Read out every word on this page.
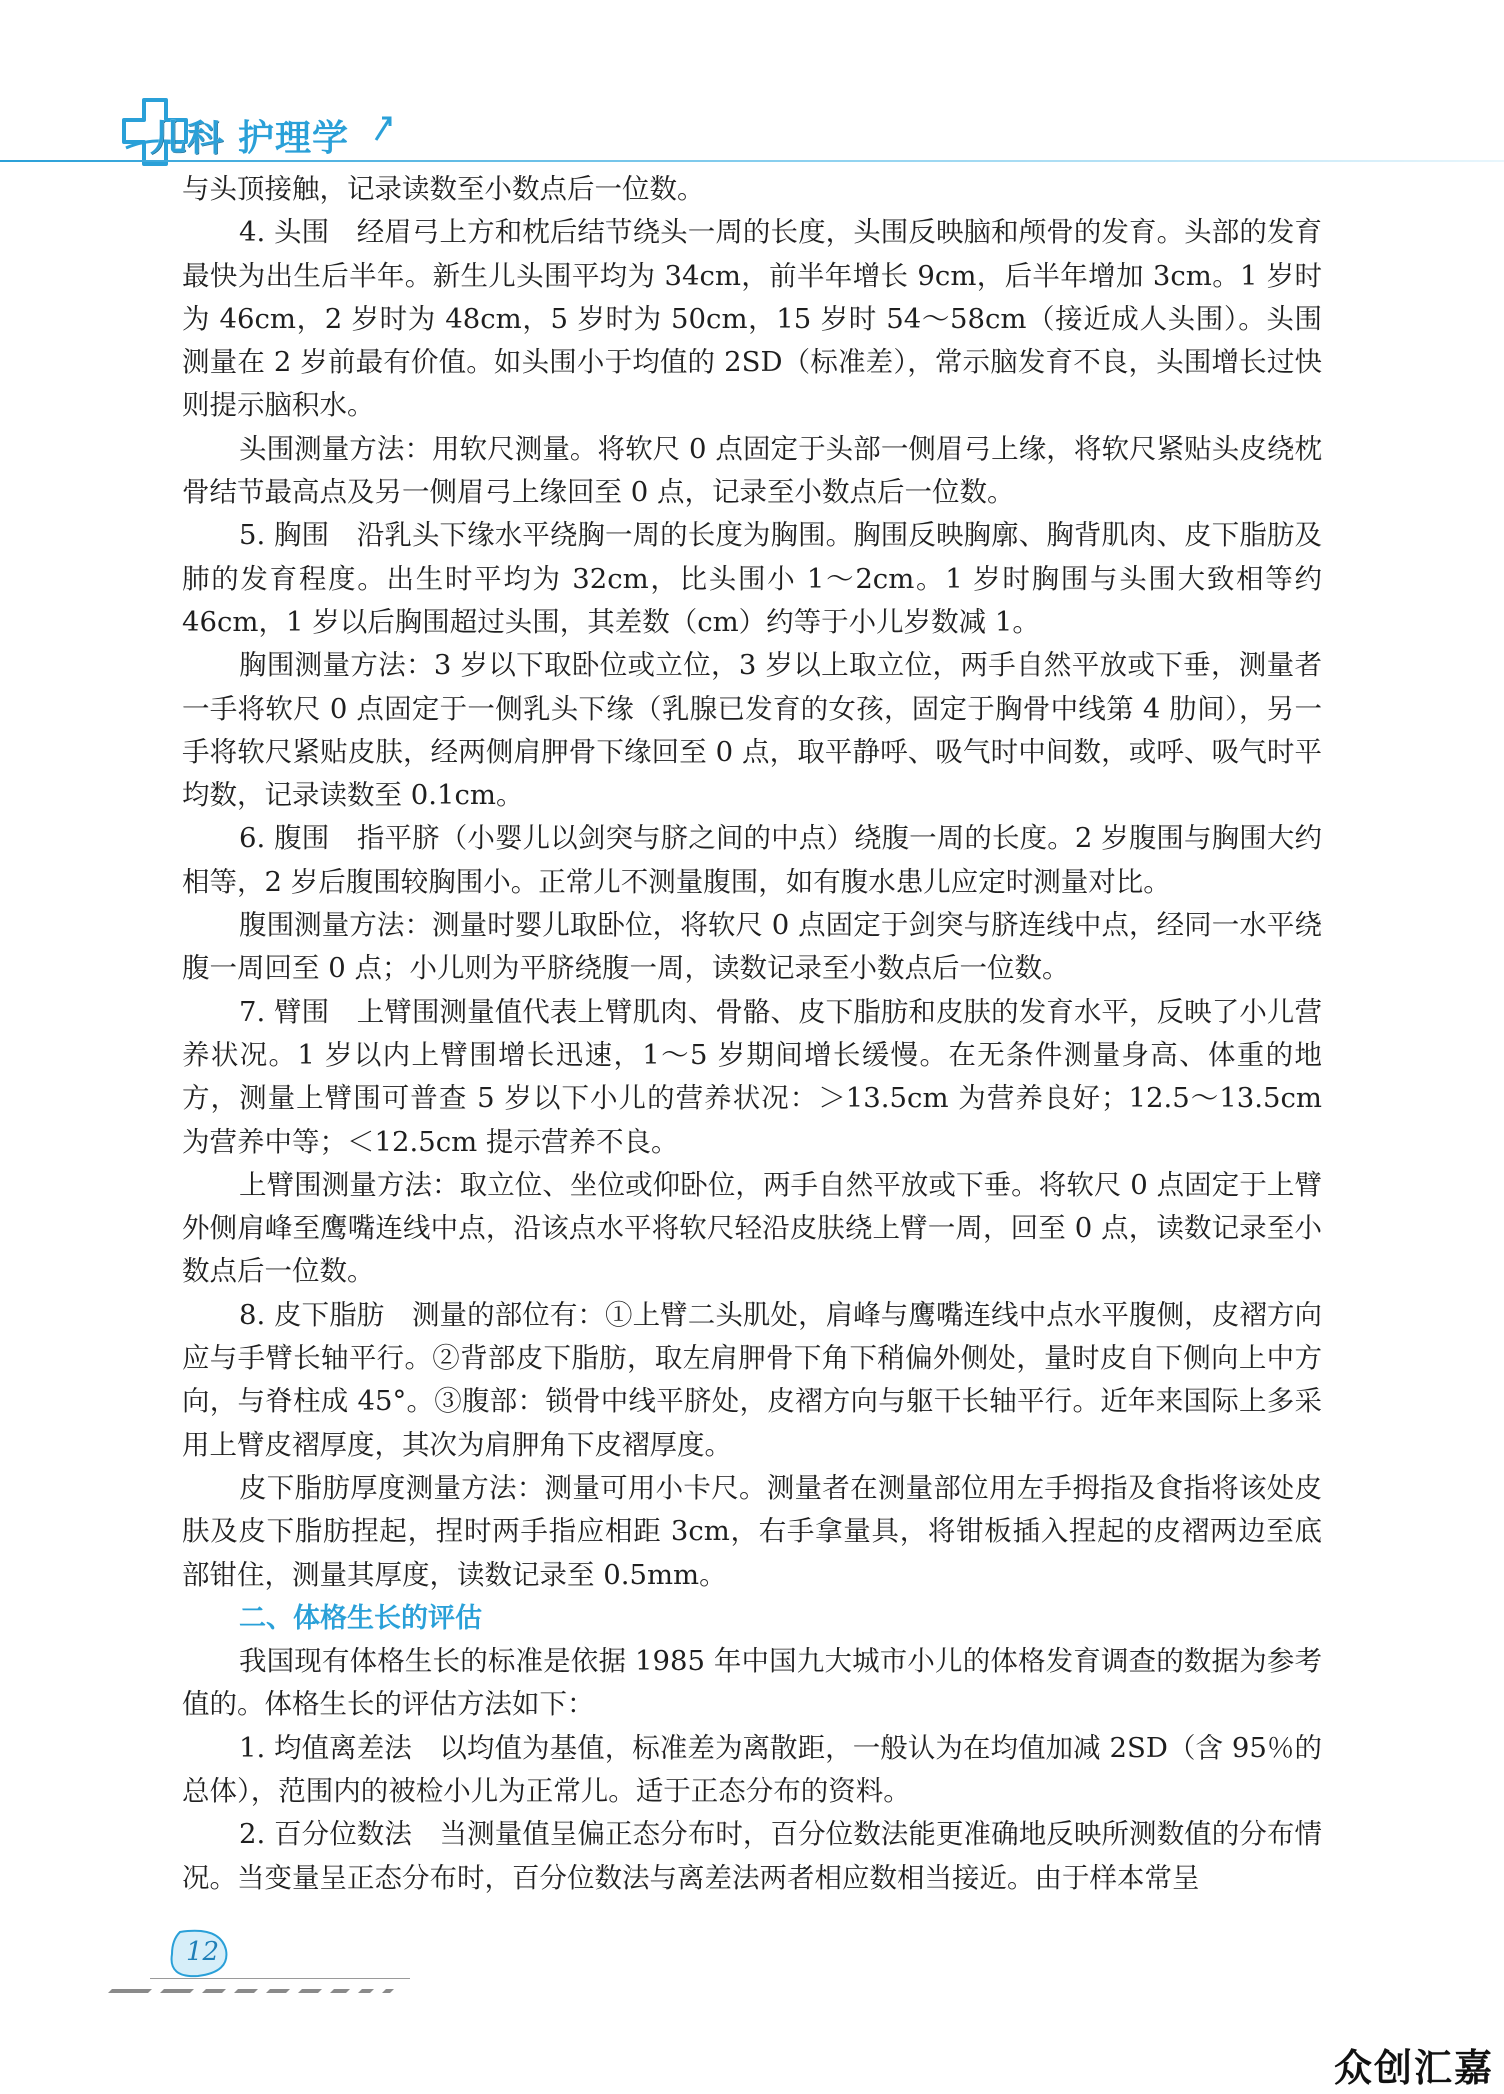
儿科 护理学

与头顶接触，记录读数至小数点后一位数。

4. 头围　经眉弓上方和枕后结节绕头一周的长度，头围反映脑和颅骨的发育。头部的发育最快为出生后半年。新生儿头围平均为 34cm，前半年增长 9cm，后半年增加 3cm。1 岁时为 46cm，2 岁时为 48cm，5 岁时为 50cm，15 岁时 54～58cm（接近成人头围）。头围测量在 2 岁前最有价值。如头围小于均值的 2SD（标准差），常示脑发育不良，头围增长过快则提示脑积水。

头围测量方法：用软尺测量。将软尺 0 点固定于头部一侧眉弓上缘，将软尺紧贴头皮绕枕骨结节最高点及另一侧眉弓上缘回至 0 点，记录至小数点后一位数。

5. 胸围　沿乳头下缘水平绕胸一周的长度为胸围。胸围反映胸廓、胸背肌肉、皮下脂肪及肺的发育程度。出生时平均为 32cm，比头围小 1～2cm。1 岁时胸围与头围大致相等约 46cm，1 岁以后胸围超过头围，其差数（cm）约等于小儿岁数减 1。

胸围测量方法：3 岁以下取卧位或立位，3 岁以上取立位，两手自然平放或下垂，测量者一手将软尺 0 点固定于一侧乳头下缘（乳腺已发育的女孩，固定于胸骨中线第 4 肋间），另一手将软尺紧贴皮肤，经两侧肩胛骨下缘回至 0 点，取平静呼、吸气时中间数，或呼、吸气时平均数，记录读数至 0.1cm。

6. 腹围　指平脐（小婴儿以剑突与脐之间的中点）绕腹一周的长度。2 岁腹围与胸围大约相等，2 岁后腹围较胸围小。正常儿不测量腹围，如有腹水患儿应定时测量对比。

腹围测量方法：测量时婴儿取卧位，将软尺 0 点固定于剑突与脐连线中点，经同一水平绕腹一周回至 0 点；小儿则为平脐绕腹一周，读数记录至小数点后一位数。

7. 臂围　上臂围测量值代表上臂肌肉、骨骼、皮下脂肪和皮肤的发育水平，反映了小儿营养状况。1 岁以内上臂围增长迅速，1～5 岁期间增长缓慢。在无条件测量身高、体重的地方，测量上臂围可普查 5 岁以下小儿的营养状况：＞13.5cm 为营养良好；12.5～13.5cm 为营养中等；＜12.5cm 提示营养不良。

上臂围测量方法：取立位、坐位或仰卧位，两手自然平放或下垂。将软尺 0 点固定于上臂外侧肩峰至鹰嘴连线中点，沿该点水平将软尺轻沿皮肤绕上臂一周，回至 0 点，读数记录至小数点后一位数。

8. 皮下脂肪　测量的部位有：①上臂二头肌处，肩峰与鹰嘴连线中点水平腹侧，皮褶方向应与手臂长轴平行。②背部皮下脂肪，取左肩胛骨下角下稍偏外侧处，量时皮自下侧向上中方向，与脊柱成 45°。③腹部：锁骨中线平脐处，皮褶方向与躯干长轴平行。近年来国际上多采用上臂皮褶厚度，其次为肩胛角下皮褶厚度。

皮下脂肪厚度测量方法：测量可用小卡尺。测量者在测量部位用左手拇指及食指将该处皮肤及皮下脂肪捏起，捏时两手指应相距 3cm，右手拿量具，将钳板插入捏起的皮褶两边至底部钳住，测量其厚度，读数记录至 0.5mm。

二、体格生长的评估

我国现有体格生长的标准是依据 1985 年中国九大城市小儿的体格发育调查的数据为参考值的。体格生长的评估方法如下：

1. 均值离差法　以均值为基值，标准差为离散距，一般认为在均值加减 2SD（含 95％的总体），范围内的被检小儿为正常儿。适于正态分布的资料。

2. 百分位数法　当测量值呈偏正态分布时，百分位数法能更准确地反映所测数值的分布情况。当变量呈正态分布时，百分位数法与离差法两者相应数相当接近。由于样本常呈

12
众创汇嘉
